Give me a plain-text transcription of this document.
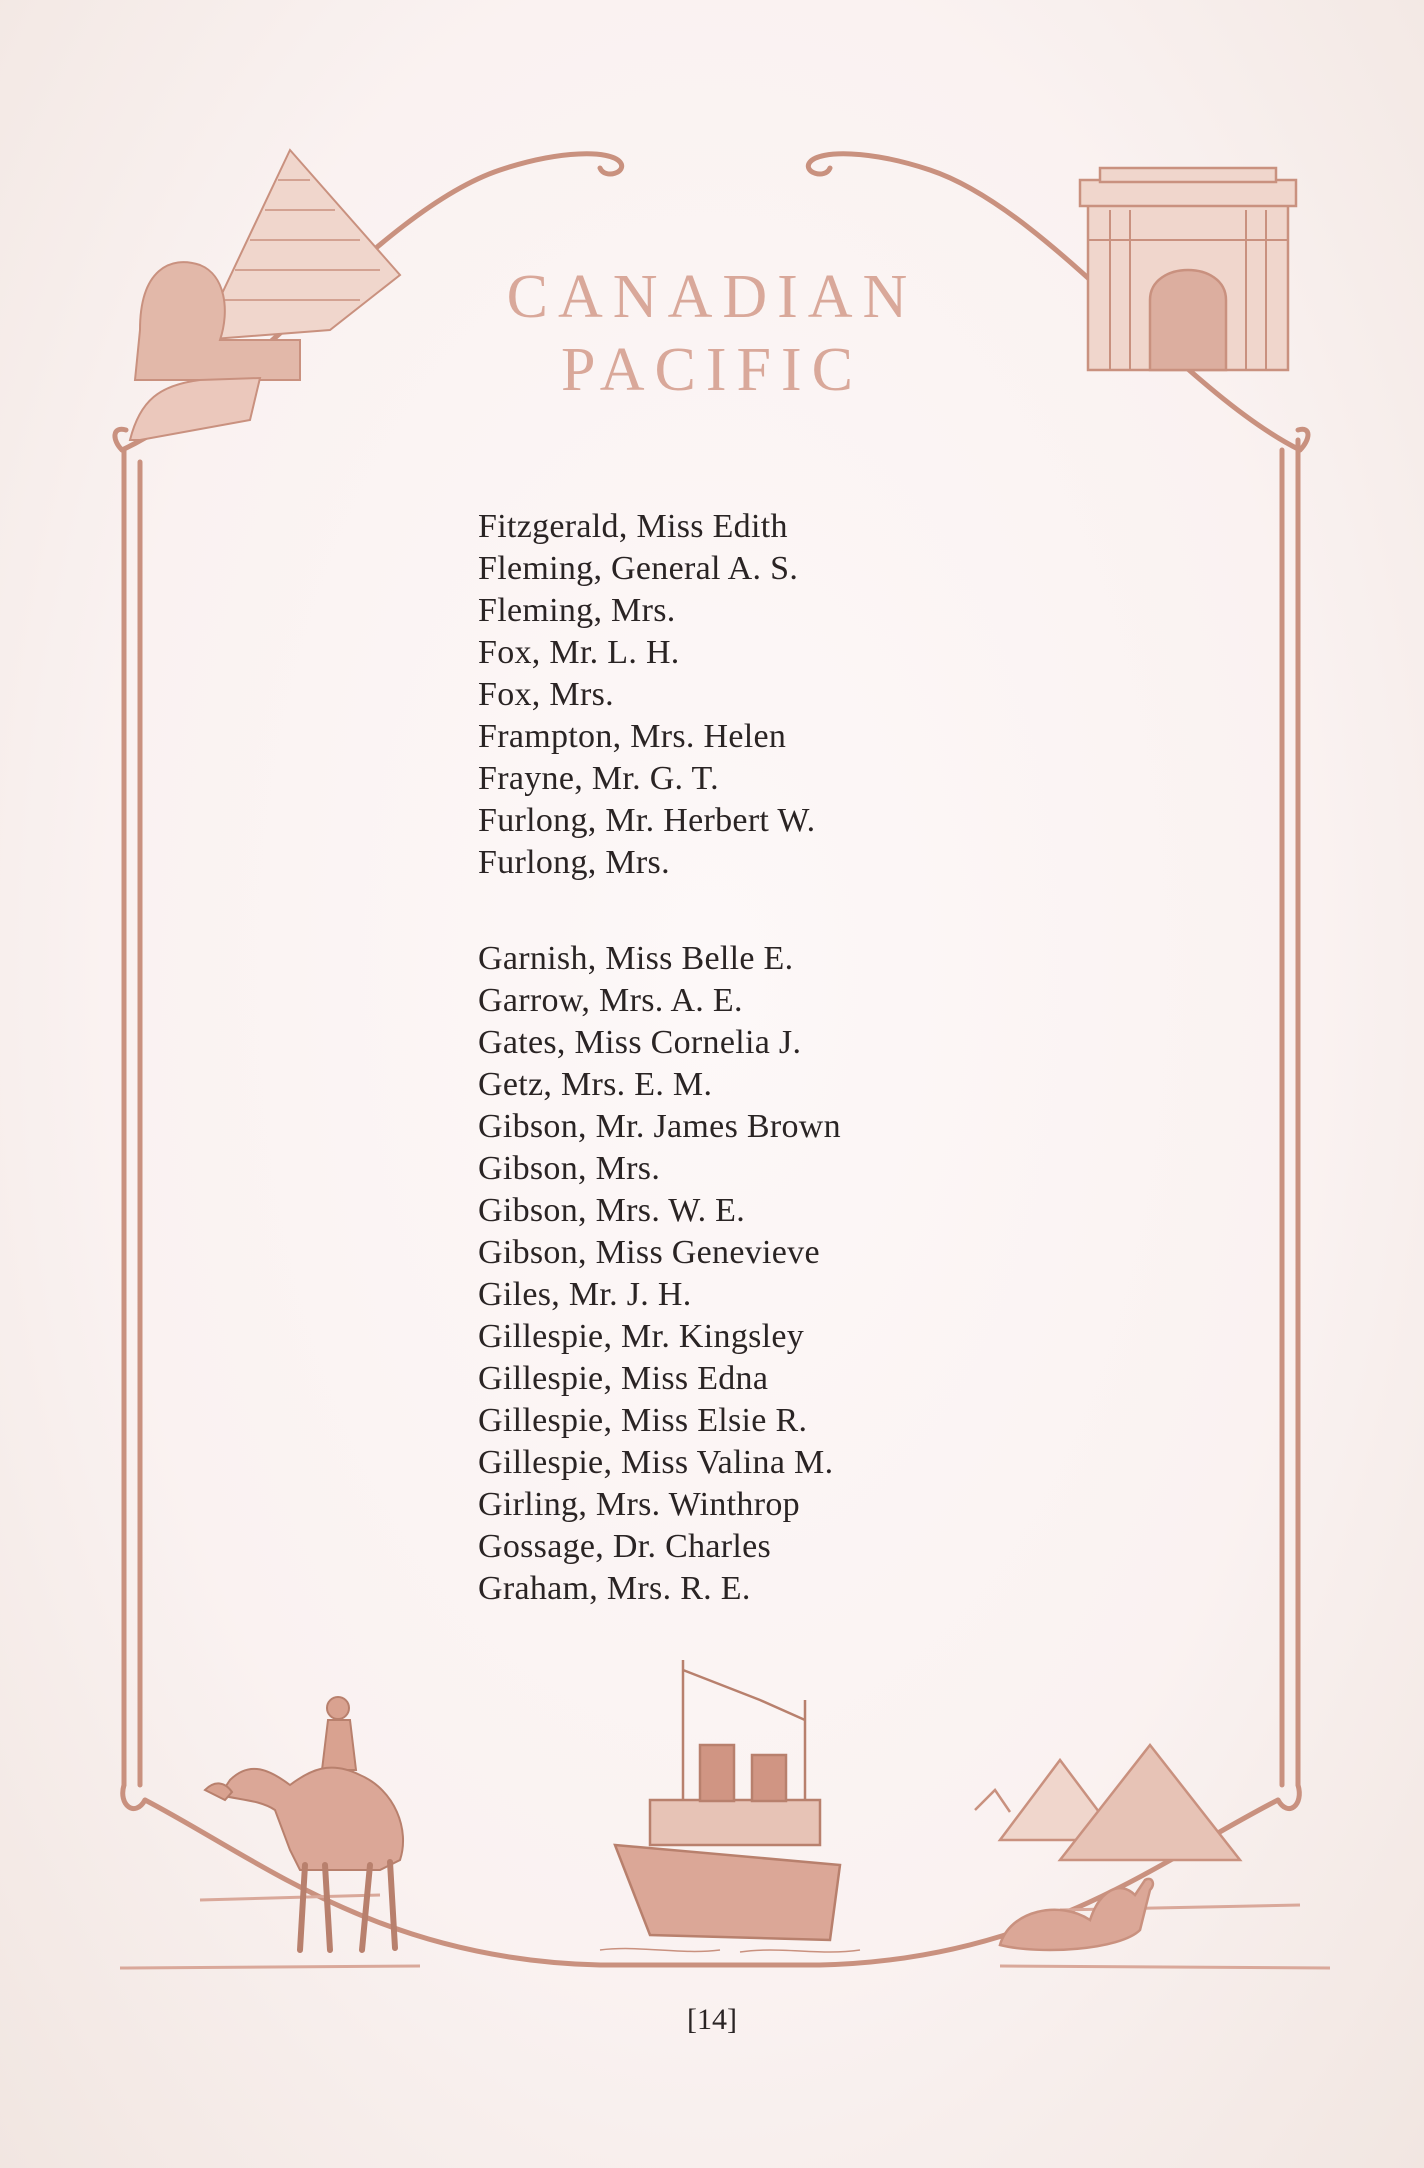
CANADIAN
PACIFIC
Fitzgerald, Miss Edith
Fleming, General A. S.
Fleming, Mrs.
Fox, Mr. L. H.
Fox, Mrs.
Frampton, Mrs. Helen
Frayne, Mr. G. T.
Furlong, Mr. Herbert W.
Furlong, Mrs.
Garnish, Miss Belle E.
Garrow, Mrs. A. E.
Gates, Miss Cornelia J.
Getz, Mrs. E. M.
Gibson, Mr. James Brown
Gibson, Mrs.
Gibson, Mrs. W. E.
Gibson, Miss Genevieve
Giles, Mr. J. H.
Gillespie, Mr. Kingsley
Gillespie, Miss Edna
Gillespie, Miss Elsie R.
Gillespie, Miss Valina M.
Girling, Mrs. Winthrop
Gossage, Dr. Charles
Graham, Mrs. R. E.
[14]
